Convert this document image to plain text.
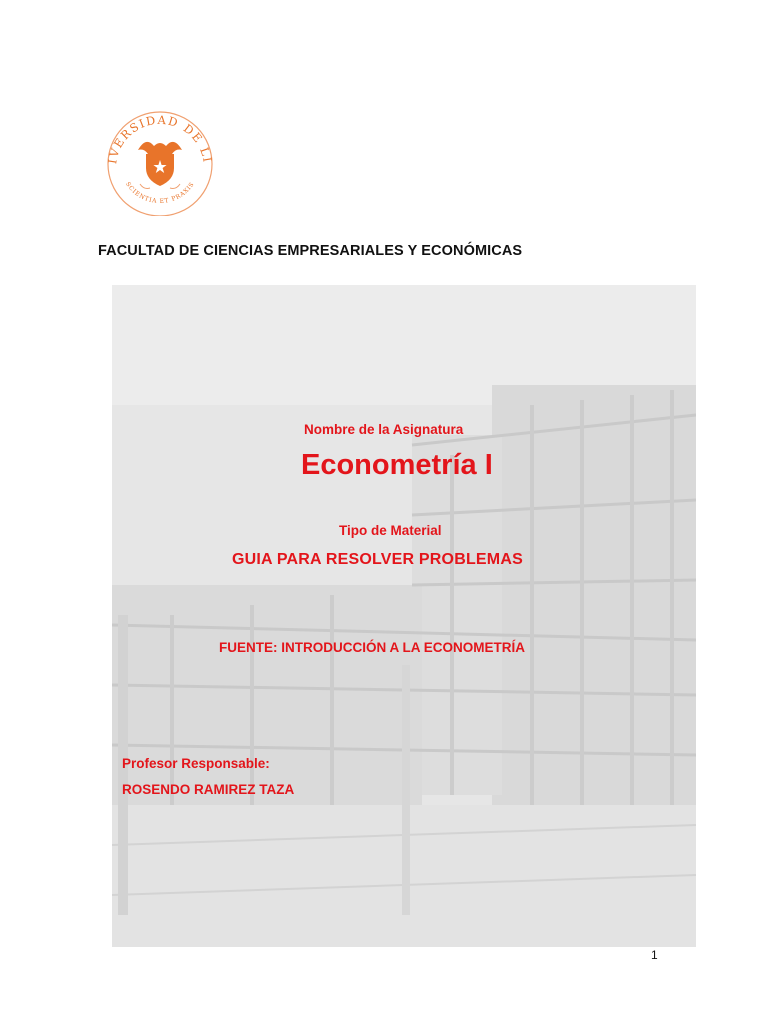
IVERSIDAD DE LI
SCIENTIA ET PRAXIS
FACULTAD DE CIENCIAS EMPRESARIALES Y ECONÓMICAS
Nombre de la Asignatura
Econometría I
Tipo de Material
GUIA PARA RESOLVER PROBLEMAS
FUENTE: INTRODUCCIÓN A LA ECONOMETRÍA
Profesor Responsable:
ROSENDO RAMIREZ TAZA
1
